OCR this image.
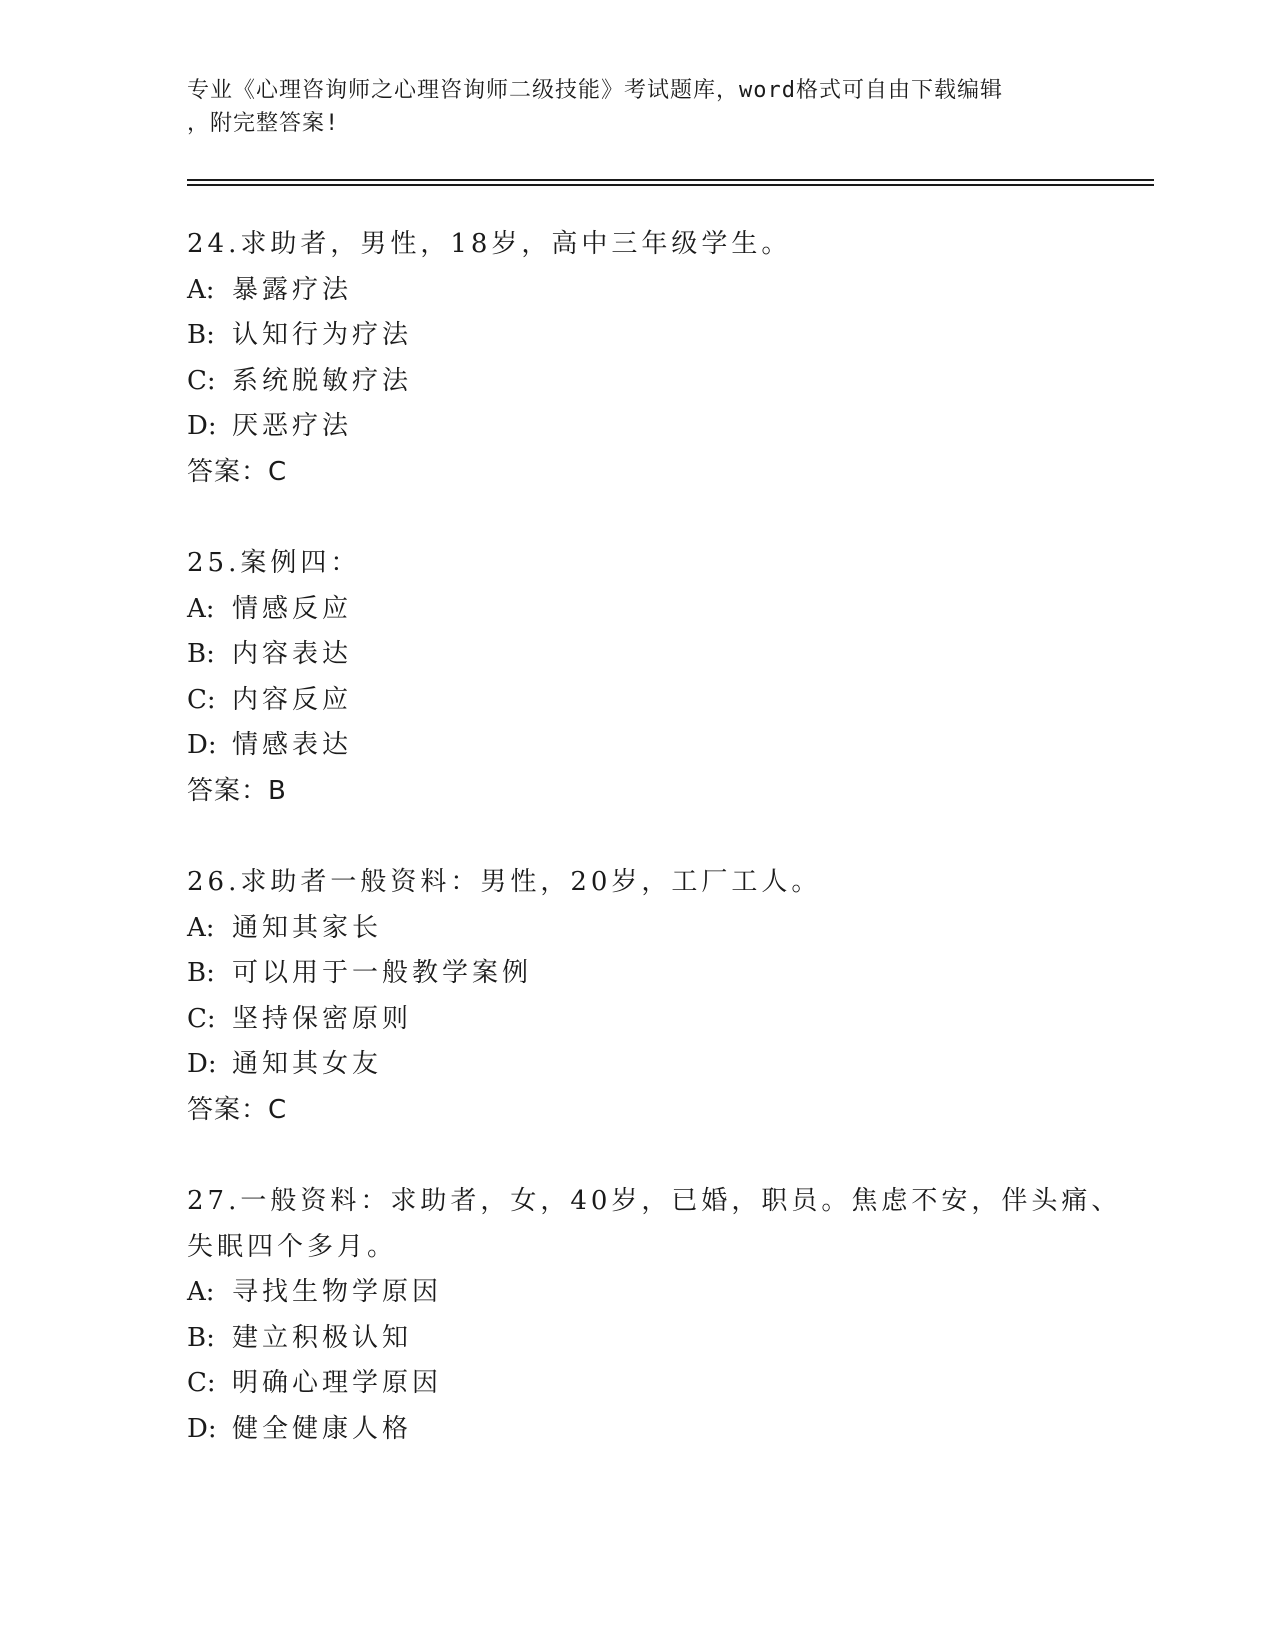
专业《心理咨询师之心理咨询师二级技能》考试题库，word格式可自由下载编辑
，附完整答案!
24.求助者，男性，18岁，高中三年级学生。
A: 暴露疗法
B: 认知行为疗法
C: 系统脱敏疗法
D: 厌恶疗法
答案：C
25.案例四：
A: 情感反应
B: 内容表达
C: 内容反应
D: 情感表达
答案：B
26.求助者一般资料：男性，20岁，工厂工人。
A: 通知其家长
B: 可以用于一般教学案例
C: 坚持保密原则
D: 通知其女友
答案：C
27.一般资料：求助者，女，40岁，已婚，职员。焦虑不安，伴头痛、
失眠四个多月。
A: 寻找生物学原因
B: 建立积极认知
C: 明确心理学原因
D: 健全健康人格
